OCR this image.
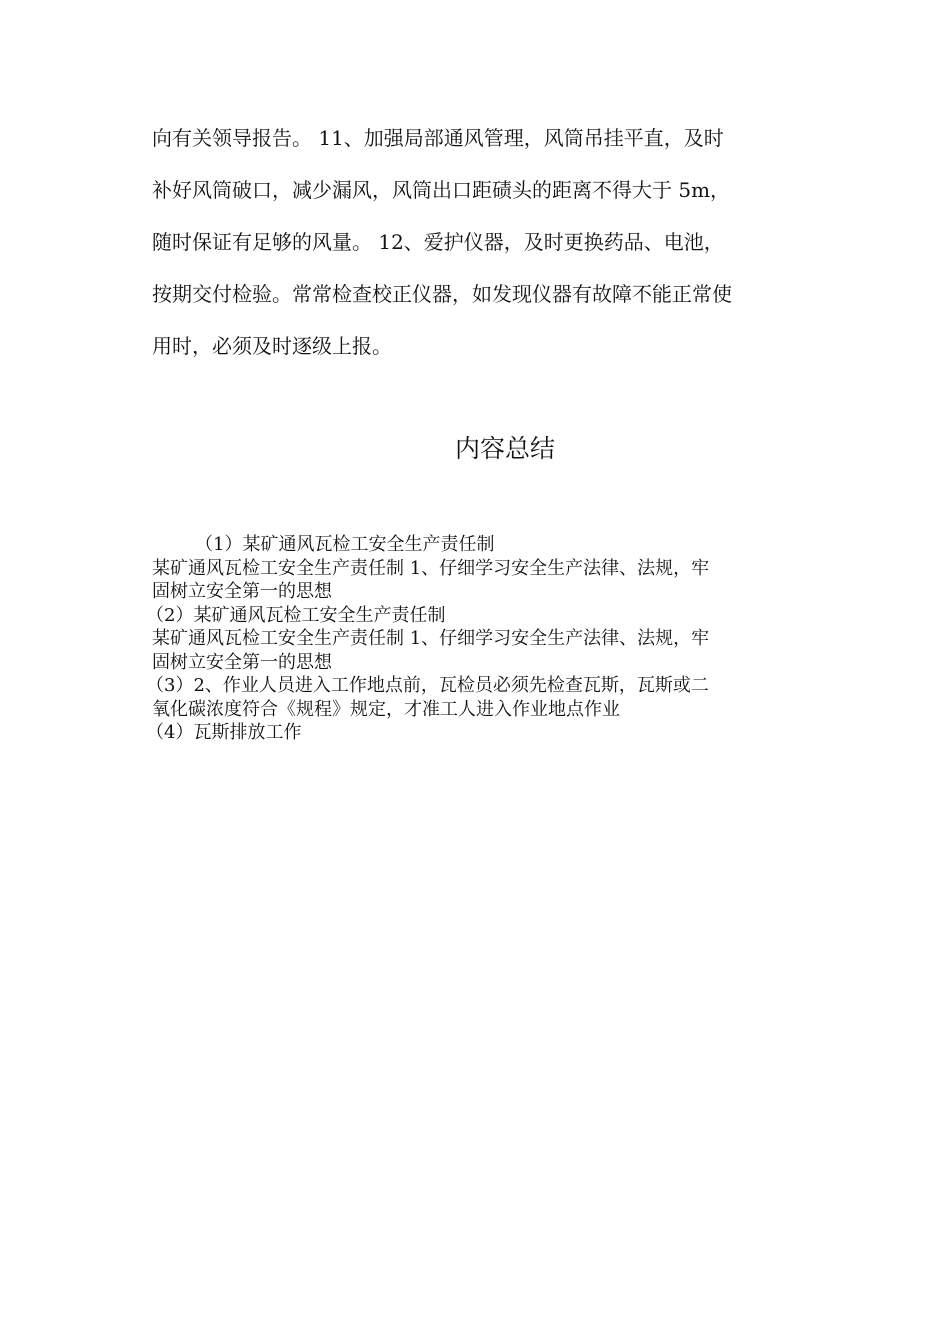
向有关领导报告。 11、加强局部通风管理，风筒吊挂平直，及时
补好风筒破口，减少漏风，风筒出口距碛头的距离不得大于 5m，
随时保证有足够的风量。 12、爱护仪器，及时更换药品、电池，
按期交付检验。常常检查校正仪器，如发现仪器有故障不能正常使
用时，必须及时逐级上报。
内容总结
（1）某矿通风瓦检工安全生产责任制
某矿通风瓦检工安全生产责任制 1、仔细学习安全生产法律、法规，牢
固树立安全第一的思想
（2）某矿通风瓦检工安全生产责任制
某矿通风瓦检工安全生产责任制 1、仔细学习安全生产法律、法规，牢
固树立安全第一的思想
（3）2、作业人员进入工作地点前，瓦检员必须先检查瓦斯，瓦斯或二
氧化碳浓度符合《规程》规定，才准工人进入作业地点作业
（4）瓦斯排放工作
